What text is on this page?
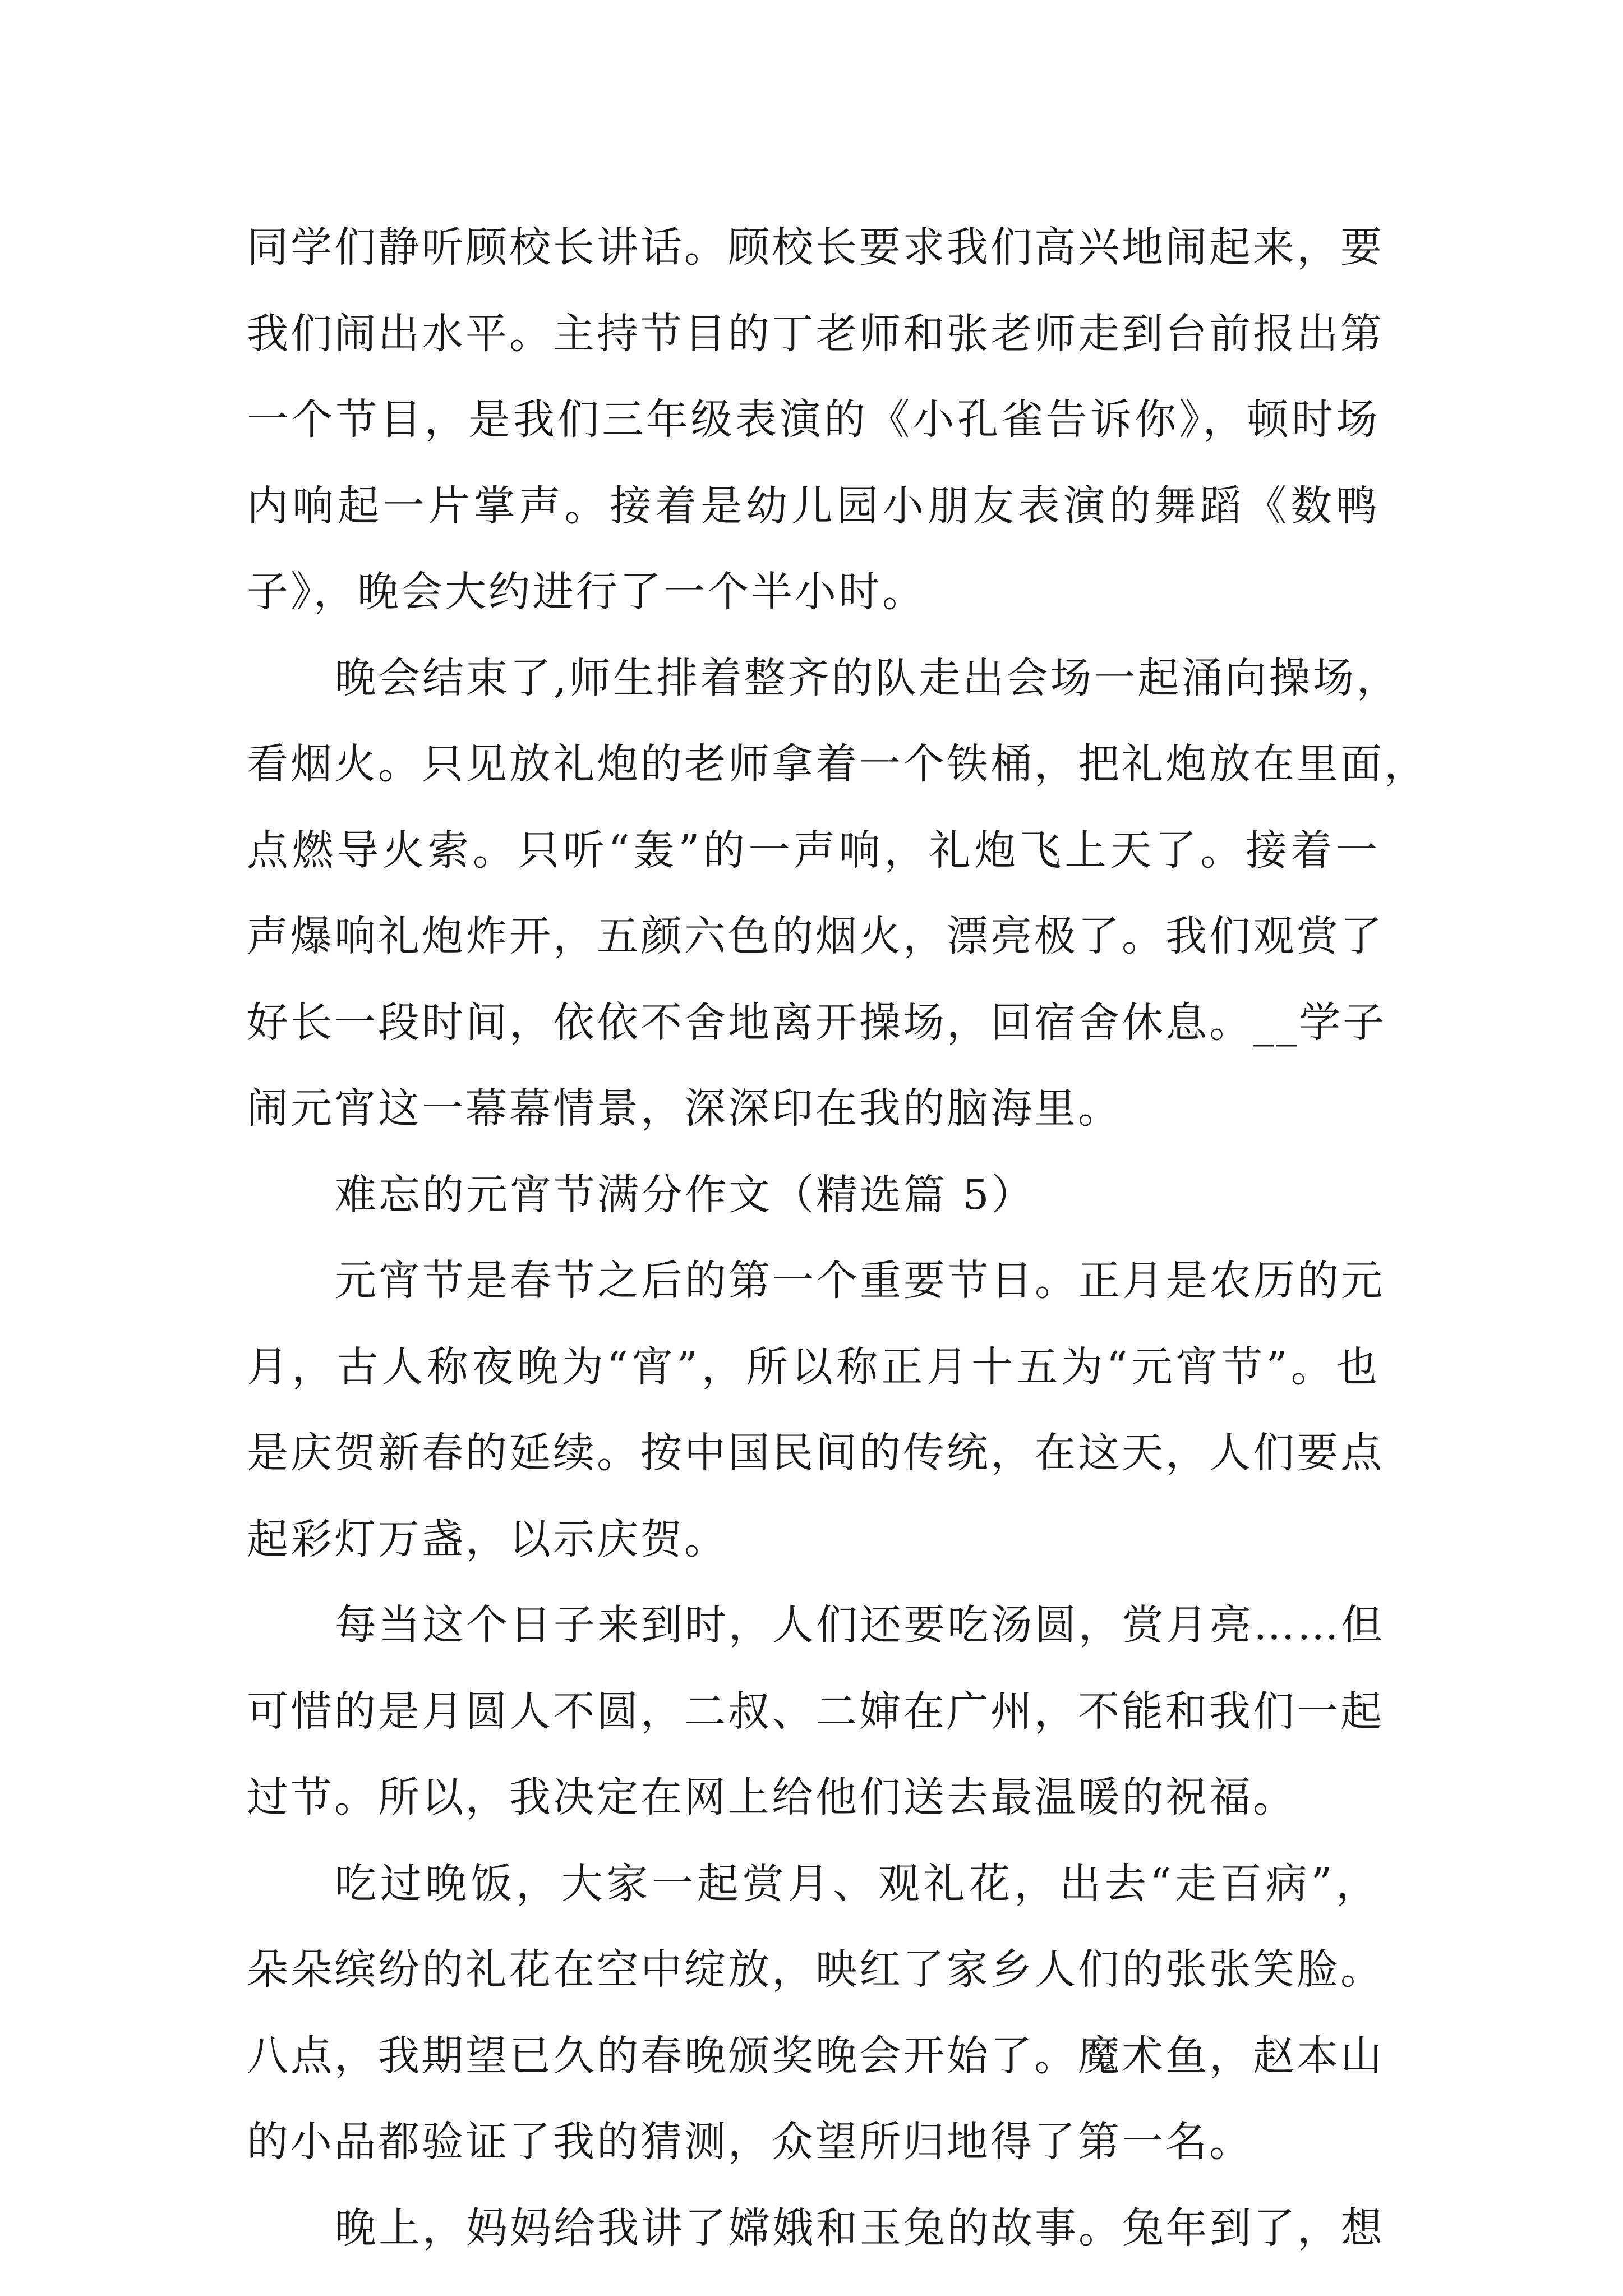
同学们静听顾校长讲话。顾校长要求我们高兴地闹起来，要
我们闹出水平。主持节目的丁老师和张老师走到台前报出第
一个节目，是我们三年级表演的《小孔雀告诉你》，顿时场
内响起一片掌声。接着是幼儿园小朋友表演的舞蹈《数鸭
子》，晚会大约进行了一个半小时。
晚会结束了,师生排着整齐的队走出会场一起涌向操场，
看烟火。只见放礼炮的老师拿着一个铁桶，把礼炮放在里面，
点燃导火索。只听“轰”的一声响，礼炮飞上天了。接着一
声爆响礼炮炸开，五颜六色的烟火，漂亮极了。我们观赏了
好长一段时间，依依不舍地离开操场，回宿舍休息。__学子
闹元宵这一幕幕情景，深深印在我的脑海里。
难忘的元宵节满分作文（精选篇 5）
元宵节是春节之后的第一个重要节日。正月是农历的元
月，古人称夜晚为“宵”，所以称正月十五为“元宵节”。也
是庆贺新春的延续。按中国民间的传统，在这天，人们要点
起彩灯万盏，以示庆贺。
每当这个日子来到时，人们还要吃汤圆，赏月亮……但
可惜的是月圆人不圆，二叔、二婶在广州，不能和我们一起
过节。所以，我决定在网上给他们送去最温暖的祝福。
吃过晚饭，大家一起赏月、观礼花，出去“走百病”，
朵朵缤纷的礼花在空中绽放，映红了家乡人们的张张笑脸。
八点，我期望已久的春晚颁奖晚会开始了。魔术鱼，赵本山
的小品都验证了我的猜测，众望所归地得了第一名。
晚上，妈妈给我讲了嫦娥和玉兔的故事。兔年到了，想
